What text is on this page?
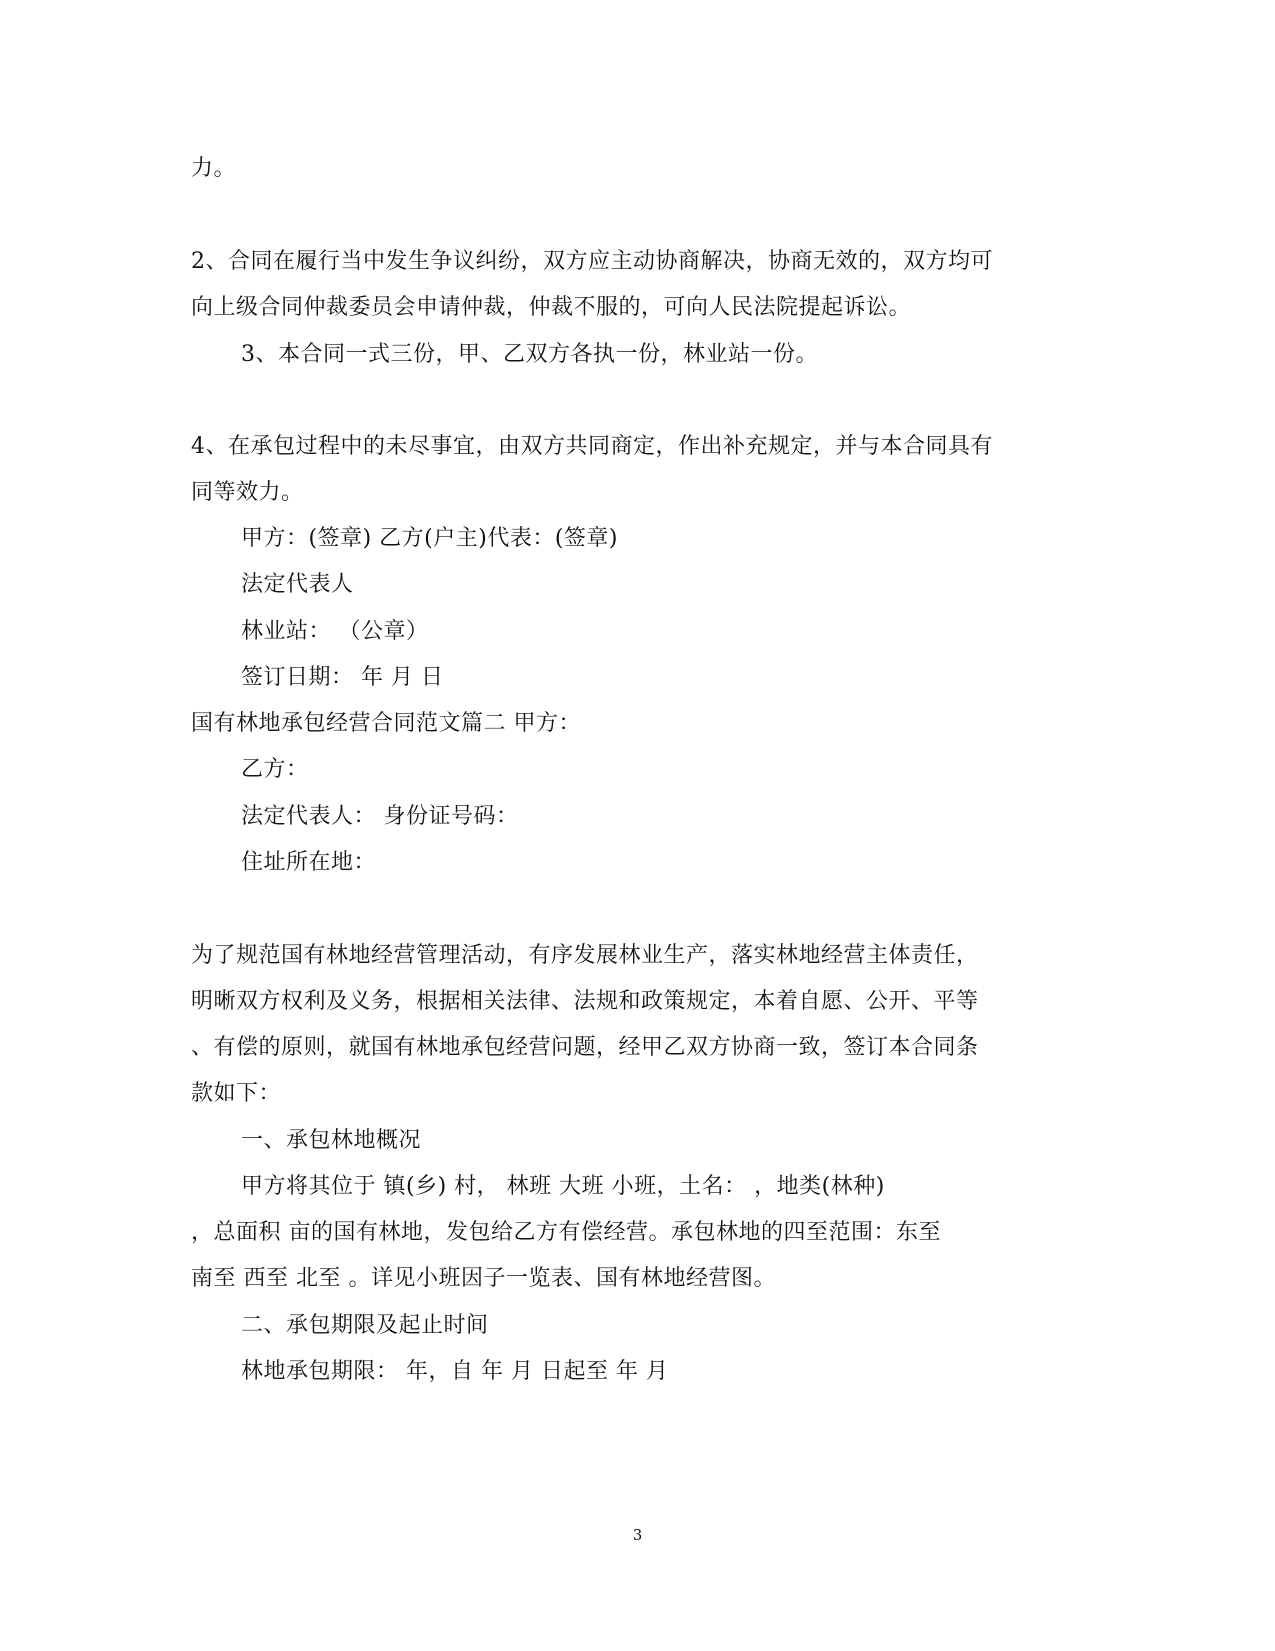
力。
2、合同在履行当中发生争议纠纷，双方应主动协商解决，协商无效的，双方均可
向上级合同仲裁委员会申请仲裁，仲裁不服的，可向人民法院提起诉讼。
3、本合同一式三份，甲、乙双方各执一份，林业站一份。
4、在承包过程中的未尽事宜，由双方共同商定，作出补充规定，并与本合同具有
同等效力。
甲方：(签章) 乙方(户主)代表：(签章)
法定代表人
林业站： （公章）
签订日期： 年 月 日
国有林地承包经营合同范文篇二 甲方：
乙方：
法定代表人： 身份证号码：
住址所在地：
为了规范国有林地经营管理活动，有序发展林业生产，落实林地经营主体责任，
明晰双方权利及义务，根据相关法律、法规和政策规定，本着自愿、公开、平等
、有偿的原则，就国有林地承包经营问题，经甲乙双方协商一致，签订本合同条
款如下：
一、承包林地概况
甲方将其位于 镇(乡) 村， 林班 大班 小班，土名： ，地类(林种)
，总面积 亩的国有林地，发包给乙方有偿经营。承包林地的四至范围：东至
南至 西至 北至 。详见小班因子一览表、国有林地经营图。
二、承包期限及起止时间
林地承包期限： 年，自 年 月 日起至 年 月
3
